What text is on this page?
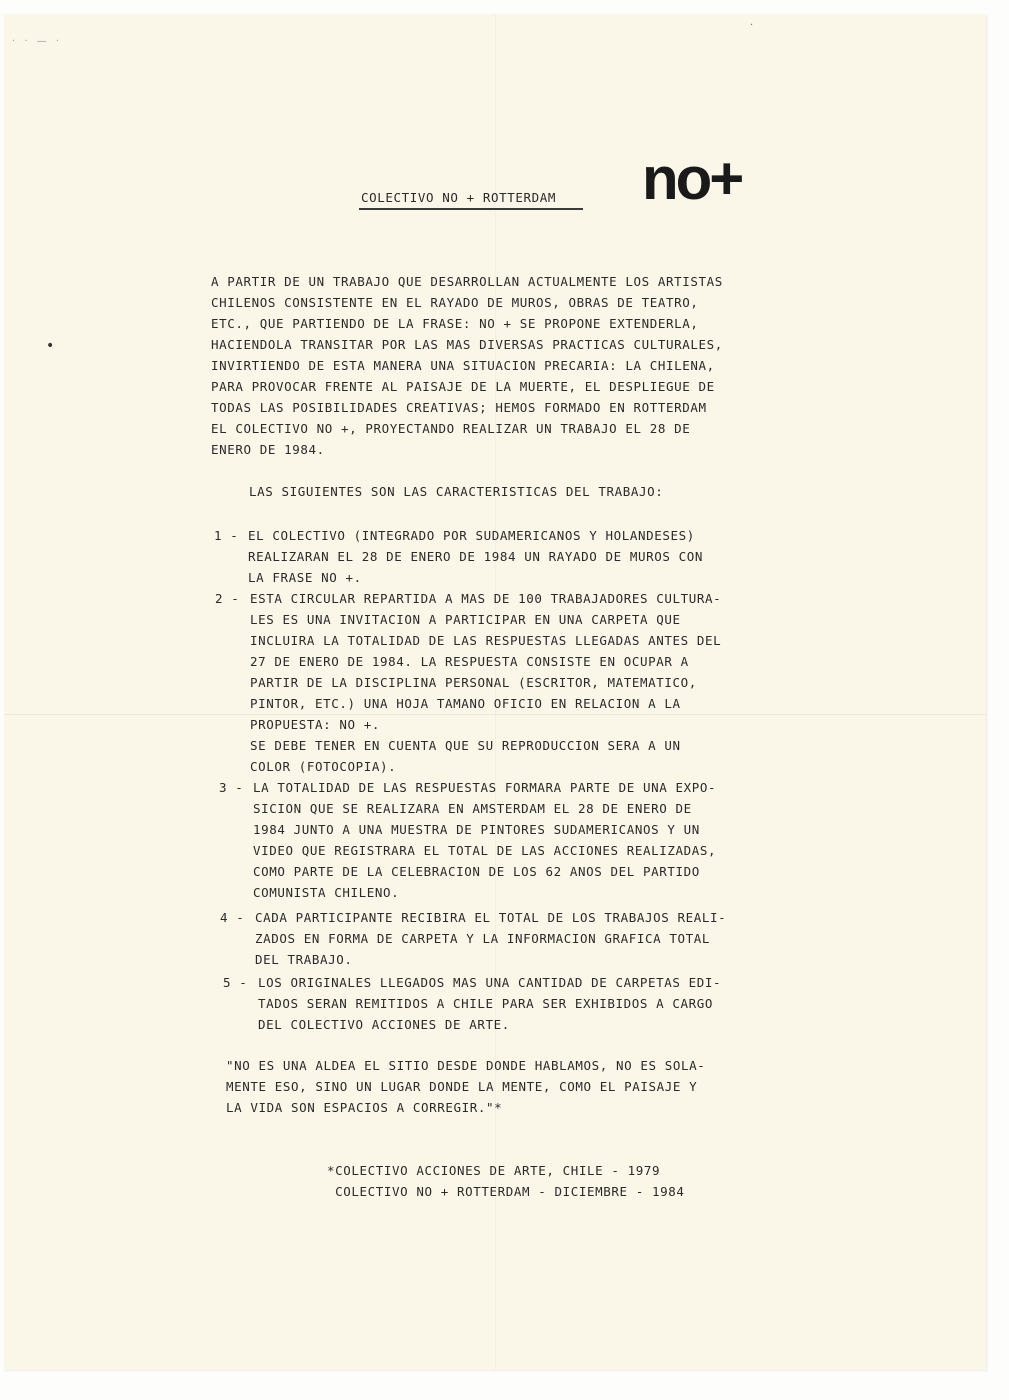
· · — ·
·
•
COLECTIVO NO + ROTTERDAM no+
A PARTIR DE UN TRABAJO QUE DESARROLLAN ACTUALMENTE LOS ARTISTAS
CHILENOS CONSISTENTE EN EL RAYADO DE MUROS, OBRAS DE TEATRO,
ETC., QUE PARTIENDO DE LA FRASE: NO + SE PROPONE EXTENDERLA,
HACIENDOLA TRANSITAR POR LAS MAS DIVERSAS PRACTICAS CULTURALES,
INVIRTIENDO DE ESTA MANERA UNA SITUACION PRECARIA: LA CHILENA,
PARA PROVOCAR FRENTE AL PAISAJE DE LA MUERTE, EL DESPLIEGUE DE
TODAS LAS POSIBILIDADES CREATIVAS; HEMOS FORMADO EN ROTTERDAM
EL COLECTIVO NO +, PROYECTANDO REALIZAR UN TRABAJO EL 28 DE
ENERO DE 1984.
LAS SIGUIENTES SON LAS CARACTERISTICAS DEL TRABAJO:
1 - EL COLECTIVO (INTEGRADO POR SUDAMERICANOS Y HOLANDESES)
REALIZARAN EL 28 DE ENERO DE 1984 UN RAYADO DE MUROS CON
LA FRASE NO +.
2 - ESTA CIRCULAR REPARTIDA A MAS DE 100 TRABAJADORES CULTURA-
LES ES UNA INVITACION A PARTICIPAR EN UNA CARPETA QUE
INCLUIRA LA TOTALIDAD DE LAS RESPUESTAS LLEGADAS ANTES DEL
27 DE ENERO DE 1984. LA RESPUESTA CONSISTE EN OCUPAR A
PARTIR DE LA DISCIPLINA PERSONAL (ESCRITOR, MATEMATICO,
PINTOR, ETC.) UNA HOJA TAMANO OFICIO EN RELACION A LA
PROPUESTA: NO +.
SE DEBE TENER EN CUENTA QUE SU REPRODUCCION SERA A UN
COLOR (FOTOCOPIA).
3 - LA TOTALIDAD DE LAS RESPUESTAS FORMARA PARTE DE UNA EXPO-
SICION QUE SE REALIZARA EN AMSTERDAM EL 28 DE ENERO DE
1984 JUNTO A UNA MUESTRA DE PINTORES SUDAMERICANOS Y UN
VIDEO QUE REGISTRARA EL TOTAL DE LAS ACCIONES REALIZADAS,
COMO PARTE DE LA CELEBRACION DE LOS 62 ANOS DEL PARTIDO
COMUNISTA CHILENO.
4 - CADA PARTICIPANTE RECIBIRA EL TOTAL DE LOS TRABAJOS REALI-
ZADOS EN FORMA DE CARPETA Y LA INFORMACION GRAFICA TOTAL
DEL TRABAJO.
5 - LOS ORIGINALES LLEGADOS MAS UNA CANTIDAD DE CARPETAS EDI-
TADOS SERAN REMITIDOS A CHILE PARA SER EXHIBIDOS A CARGO
DEL COLECTIVO ACCIONES DE ARTE.
"NO ES UNA ALDEA EL SITIO DESDE DONDE HABLAMOS, NO ES SOLA-
MENTE ESO, SINO UN LUGAR DONDE LA MENTE, COMO EL PAISAJE Y
LA VIDA SON ESPACIOS A CORREGIR."*
*COLECTIVO ACCIONES DE ARTE, CHILE - 1979
COLECTIVO NO + ROTTERDAM - DICIEMBRE - 1984
